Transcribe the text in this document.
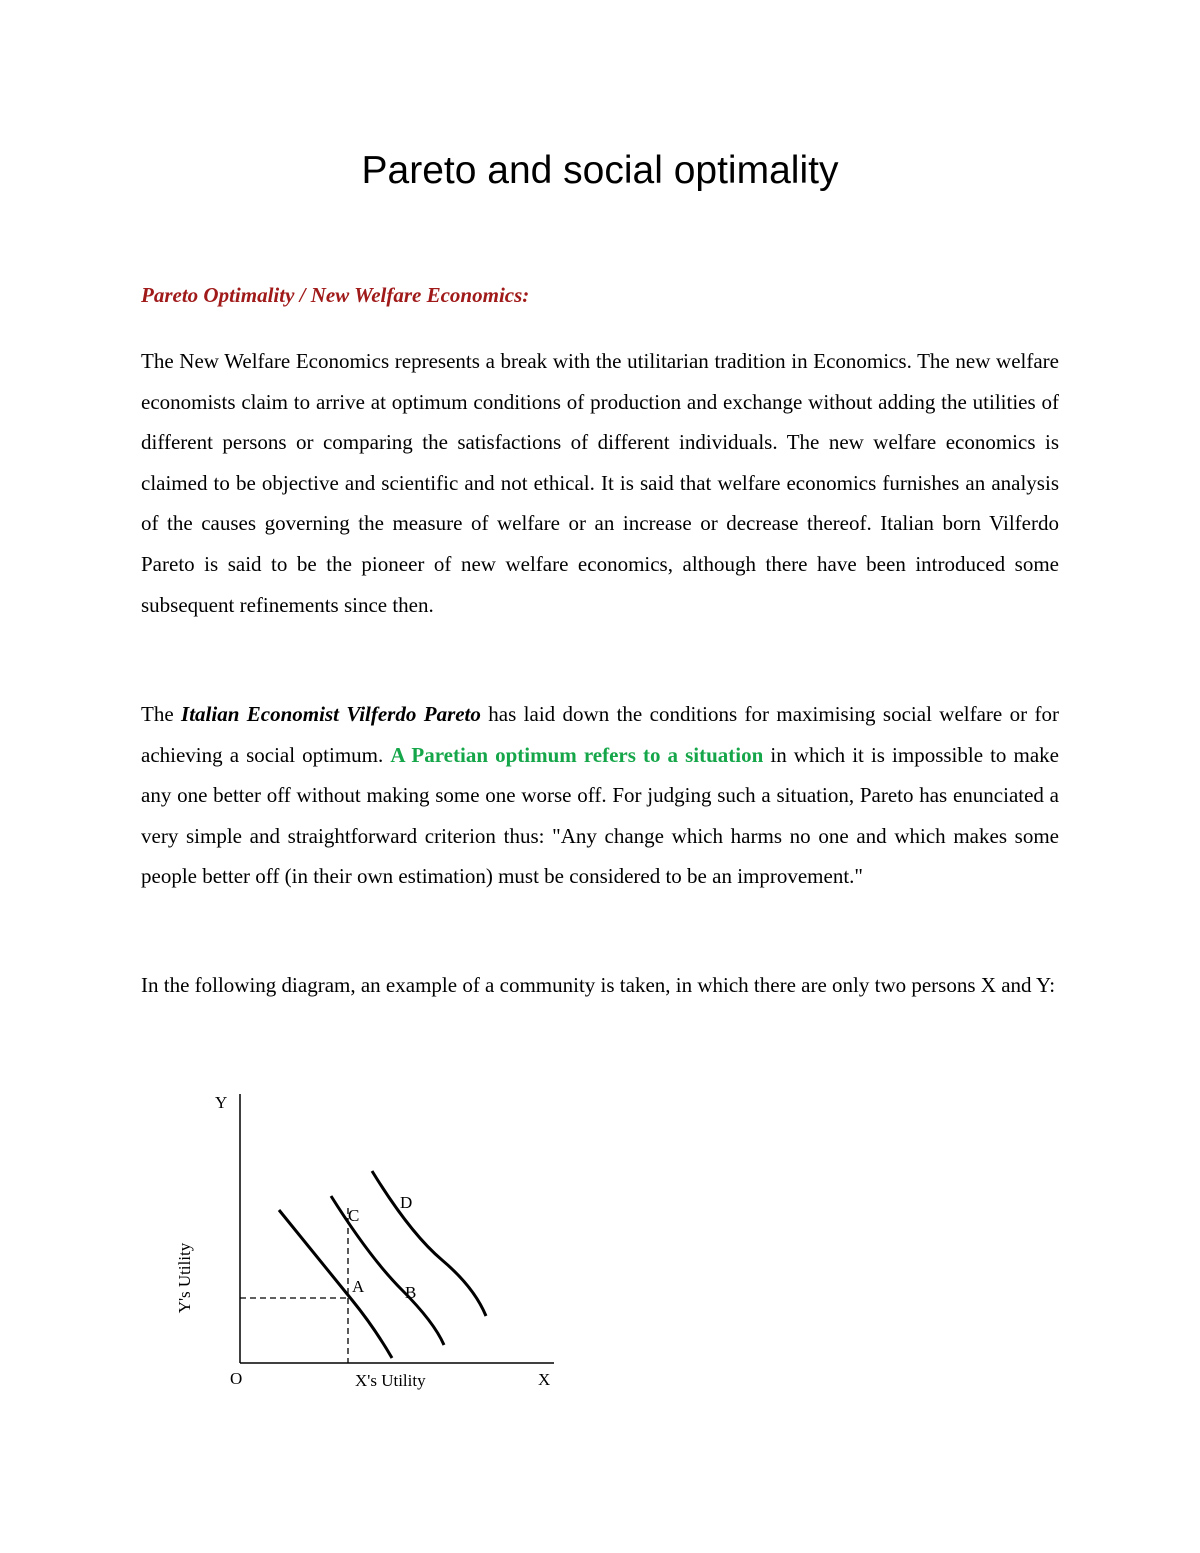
Pareto and social optimality
Pareto Optimality / New Welfare Economics:

The New Welfare Economics represents a break with the utilitarian tradition in Economics. The new welfare economists claim to arrive at optimum conditions of production and exchange without adding the utilities of different persons or comparing the satisfactions of different individuals. The new welfare economics is claimed to be objective and scientific and not ethical. It is said that welfare economics furnishes an analysis of the causes governing the measure of welfare or an increase or decrease thereof. Italian born Vilferdo Pareto is said to be the pioneer of new welfare economics, although there have been introduced some subsequent refinements since then.

The Italian Economist Vilferdo Pareto has laid down the conditions for maximising social welfare or for achieving a social optimum. A Paretian optimum refers to a situation in which it is impossible to make any one better off without making some one worse off. For judging such a situation, Pareto has enunciated a very simple and straightforward criterion thus: "Any change which harms no one and which makes some people better off (in their own estimation) must be considered to be an improvement."

In the following diagram, an example of a community is taken, in which there are only two persons X and Y:

Y
O	X's Utility	X
Y's Utility	A B
C
D
